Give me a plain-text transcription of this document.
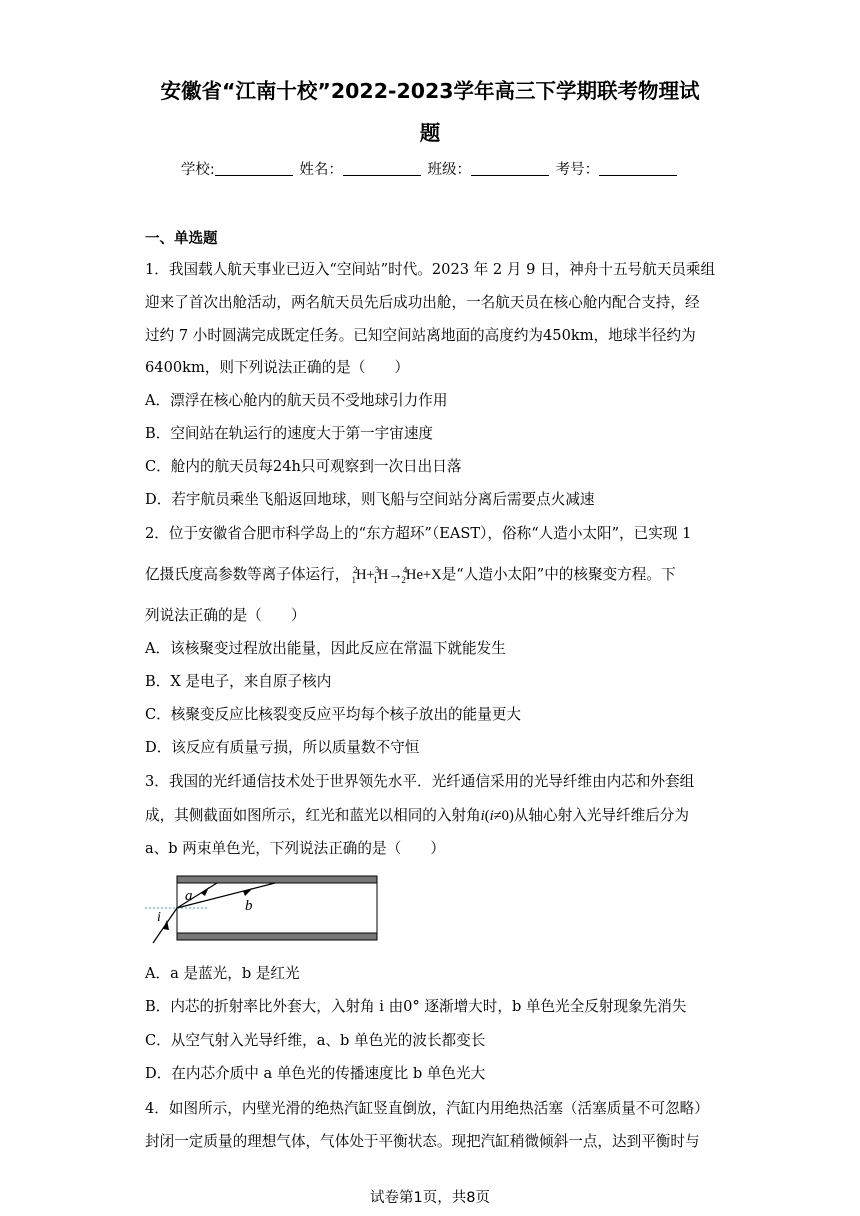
安徽省“江南十校”2022-2023学年高三下学期联考物理试
题
学校:	姓名：	班级：	考号：
一、单选题
1．我国载人航天事业已迈入“空间站”时代。2023 年 2 月 9 日，神舟十五号航天员乘组
迎来了首次出舱活动，两名航天员先后成功出舱，一名航天员在核心舱内配合支持，经
过约 7 小时圆满完成既定任务。已知空间站离地面的高度约为450km，地球半径约为
6400km，则下列说法正确的是（　　）
A．漂浮在核心舱内的航天员不受地球引力作用
B．空间站在轨运行的速度大于第一宇宙速度
C．舱内的航天员每24h只可观察到一次日出日落
D．若宇航员乘坐飞船返回地球，则飞船与空间站分离后需要点火减速
2．位于安徽省合肥市科学岛上的“东方超环”（EAST），俗称“人造小太阳”，已实现 1
亿摄氏度高参数等离子体运行， $^2_1$H+$^3_1$H→$^4_2$He+X是“人造小太阳”中的核聚变方程。下
列说法正确的是（　　）
A．该核聚变过程放出能量，因此反应在常温下就能发生
B．X 是电子，来自原子核内
C．核聚变反应比核裂变反应平均每个核子放出的能量更大
D．该反应有质量亏损，所以质量数不守恒
3．我国的光纤通信技术处于世界领先水平．光纤通信采用的光导纤维由内芯和外套组
成，其侧截面如图所示，红光和蓝光以相同的入射角i(i≠0)从轴心射入光导纤维后分为
a、b 两束单色光，下列说法正确的是（　　）
a
b
i
A．a 是蓝光，b 是红光
B．内芯的折射率比外套大，入射角 i 由0° 逐渐增大时，b 单色光全反射现象先消失
C．从空气射入光导纤维，a、b 单色光的波长都变长
D．在内芯介质中 a 单色光的传播速度比 b 单色光大
4．如图所示，内壁光滑的绝热汽缸竖直倒放，汽缸内用绝热活塞（活塞质量不可忽略）
封闭一定质量的理想气体，气体处于平衡状态。现把汽缸稍微倾斜一点，达到平衡时与
试卷第1页，共8页
